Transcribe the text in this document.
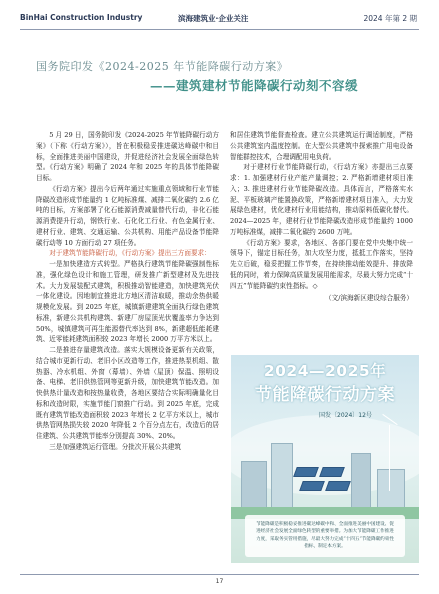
BinHai Construction Industry	滨海建筑业·企业关注	2024 年第 2 期
国务院印发《2024-2025 年节能降碳行动方案》
——建筑建材节能降碳行动刻不容缓

5 月 29 日，国务院印发《2024-2025 年节能降碳行动方案》（下称《行动方案》），旨在积极稳妥推进碳达峰碳中和目标，全面推进美丽中国建设，并促进经济社会发展全面绿色转型。《行动方案》明确了 2024 年和 2025 年的具体节能降碳目标。

《行动方案》提出今后两年通过实施重点领域和行业节能降碳改造形成节能量约 1 亿吨标准煤、减排二氧化碳约 2.6 亿吨的目标，方案部署了化石能源消费减量替代行动，非化石能源消费提升行动，钢铁行业、石化化工行业、有色金属行业、建材行业、建筑、交通运输、公共机构、用能产品设备节能降碳行动等 10 方面行动 27 项任务。

对于建筑节能降碳行动，《行动方案》提出三方面要求：

一是加快建造方式转型。严格执行建筑节能降碳强制性标准，强化绿色设计和施工管理，研发推广新型建材及先进技术。大力发展装配式建筑，积极推动智能建造，加快建筑光伏一体化建设。因地制宜推进北方地区清洁取暖，推动余热供暖规模化发展。到 2025 年底，城镇新建建筑全面执行绿色建筑标准，新建公共机构建筑、新建厂房屋顶光伏覆盖率力争达到 50%，城镇建筑可再生能源替代率达到 8%，新建超低能耗建筑、近零能耗建筑面积较 2023 年增长 2000 万平方米以上。

二是推进存量建筑改造。落实大规模设备更新有关政策，结合城市更新行动、老旧小区改造等工作，推进热泵机组、散热器、冷水机组、外窗（幕墙）、外墙（屋顶）保温、照明设备、电梯、老旧供热管网等更新升级，加快建筑节能改造。加快供热计量改造和按热量收费，各地区要结合实际明确量化目标和改造时限，实施节能门窗推广行动。到 2025 年底，完成既有建筑节能改造面积较 2023 年增长 2 亿平方米以上，城市供热管网热损失较 2020 年降低 2 个百分点左右，改造后的居住建筑、公共建筑节能率分别提高 30%、20%。

三是加强建筑运行管理。分批次开展公共建筑

和居住建筑节能督查检查。建立公共建筑运行调适制度，严格公共建筑室内温度控制。在大型公共建筑中探索推广用电设备智能群控技术，合理调配用电负荷。

对于建材行业节能降碳行动，《行动方案》亦提出三点要求：1. 加强建材行业产能产量调控；2. 严格新增建材项目准入；3. 推进建材行业节能降碳改造。具体而言，严格落实水泥、平板玻璃产能置换政策，严格新增建材项目准入，大力发展绿色建材，优化建材行业用能结构，推动原料低碳化替代。2024—2025 年，建材行业节能降碳改造形成节能量约 1000 万吨标准煤，减排二氧化碳约 2600 万吨。

《行动方案》要求，各地区、各部门要在党中央集中统一领导下，锚定目标任务，加大攻坚力度，抵抵工作落实，坚持先立后破，稳妥把握工作节奏，在持续推动能效提升、排放降低的同时，着力保障高质量发展用能需求，尽最大努力完成“十四五”节能降碳约束性指标。◇

（文/滨海新区建设综合服务）

2024—2025年
节能降碳行动方案
国发〔2024〕12号

节能降碳是积极稳妥推进碳达峰碳中和、全面推进美丽中国建设、促进经济社会发展全面绿色转型的重要举措。为加大节能降碳工作推进力度，采取务实管用措施，尽最大努力完成“十四五”节能降碳约束性指标，制定本方案。

17
